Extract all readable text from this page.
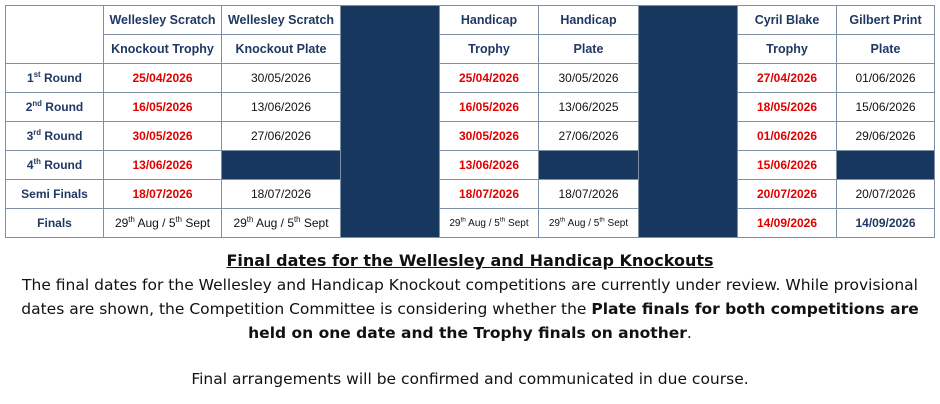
	Wellesley Scratch	Wellesley Scratch		Handicap	Handicap		Cyril Blake	Gilbert Print
	Knockout Trophy	Knockout Plate		Trophy	Plate		Trophy	Plate
1st Round	25/04/2026	30/05/2026		25/04/2026	30/05/2026		27/04/2026	01/06/2026
2nd Round	16/05/2026	13/06/2026		16/05/2026	13/06/2025		18/05/2026	15/06/2026
3rd Round	30/05/2026	27/06/2026		30/05/2026	27/06/2026		01/06/2026	29/06/2026
4th Round	13/06/2026			13/06/2026			15/06/2026	
Semi Finals	18/07/2026	18/07/2026		18/07/2026	18/07/2026		20/07/2026	20/07/2026
Finals	29th Aug / 5th Sept	29th Aug / 5th Sept		29th Aug / 5th Sept	29th Aug / 5th Sept		14/09/2026	14/09/2026

Final dates for the Wellesley and Handicap Knockouts

The final dates for the Wellesley and Handicap Knockout competitions are currently under review. While provisional dates are shown, the Competition Committee is considering whether the Plate finals for both competitions are held on one date and the Trophy finals on another.

Final arrangements will be confirmed and communicated in due course.
